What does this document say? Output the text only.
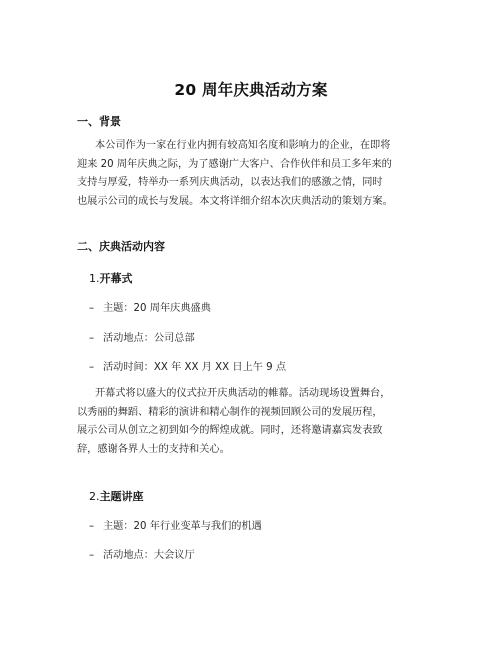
20 周年庆典活动方案
一、背景
本公司作为一家在行业内拥有较高知名度和影响力的企业，在即将
迎来 20 周年庆典之际，为了感谢广大客户、合作伙伴和员工多年来的
支持与厚爱，特举办一系列庆典活动，以表达我们的感激之情，同时
也展示公司的成长与发展。本文将详细介绍本次庆典活动的策划方案。
二、庆典活动内容
1.开幕式
– 主题：20 周年庆典盛典
– 活动地点：公司总部
– 活动时间：XX 年 XX 月 XX 日上午 9 点
开幕式将以盛大的仪式拉开庆典活动的帷幕。活动现场设置舞台，
以秀丽的舞蹈、精彩的演讲和精心制作的视频回顾公司的发展历程，
展示公司从创立之初到如今的辉煌成就。同时，还将邀请嘉宾发表致
辞，感谢各界人士的支持和关心。
2.主题讲座
– 主题：20 年行业变革与我们的机遇
– 活动地点：大会议厅
